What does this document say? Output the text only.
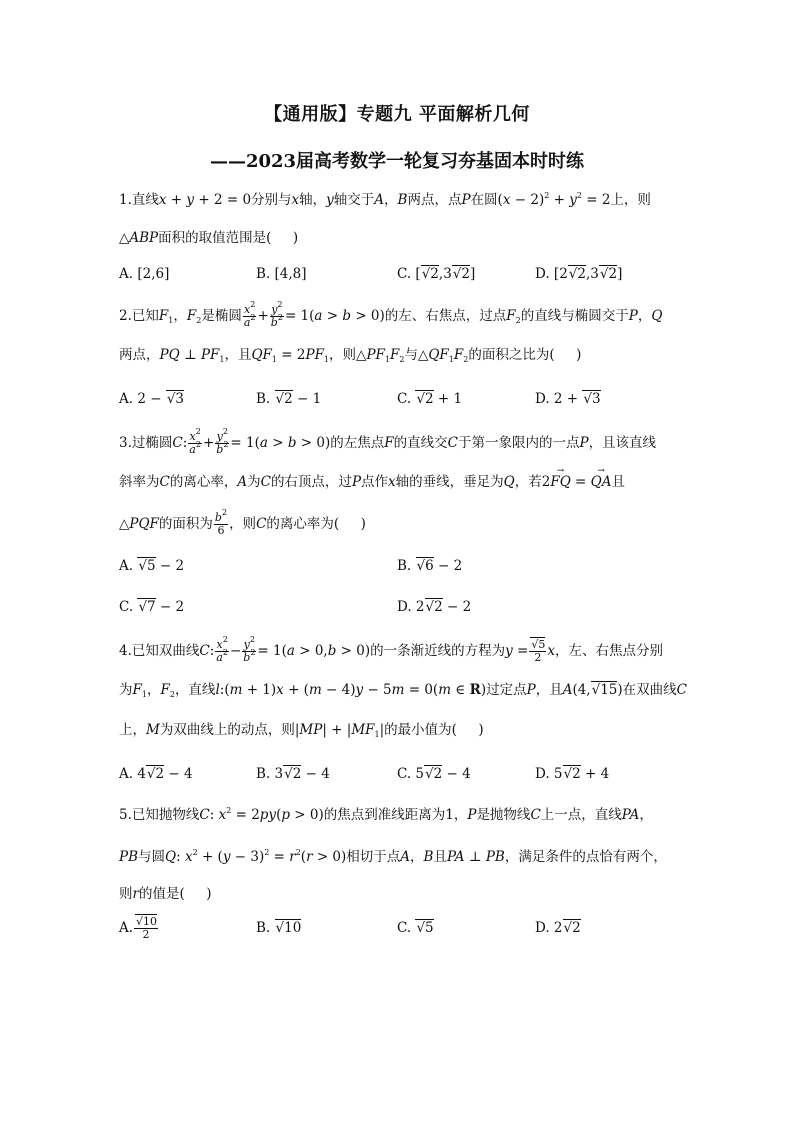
【通用版】专题九 平面解析几何
——2023届高考数学一轮复习夯基固本时时练
1.直线x + y + 2 = 0分别与x轴，y轴交于A，B两点，点P在圆$(x - 2)^2 + y^2 = 2$上，则
△ABP面积的取值范围是(     )
A. [2,6]	B. [4,8]	C. [√2,3√2]	D. [2√2,3√2]
2.已知$F_1$，$F_2$是椭圆 $\frac{x^2}{a^2} + \frac{y^2}{b^2} = 1(a > b > 0)$的左、右焦点，过点$F_2$的直线与椭圆交于P，Q
两点，PQ ⊥ $PF_1$，且$QF_1 = 2PF_1$，则$\triangle PF_1F_2$与$\triangle QF_1F_2$的面积之比为(     )
A. 2 − √3	B. √2 − 1	C. √2 + 1	D. 2 + √3
3.过椭圆C: $\frac{x^2}{a^2} + \frac{y^2}{b^2} = 1(a > b > 0)$的左焦点F的直线交C于第一象限内的一点P，且该直线
斜率为C的离心率，A为C的右顶点，过P点作x轴的垂线，垂足为Q，若2→ FQ = → QA且
△PQF的面积为 $\frac{b^2}{6}$ ，则C的离心率为(     )
A. √5 − 2	B. √6 − 2
C. √7 − 2	D. 2√2 − 2
4.已知双曲线C: $\frac{x^2}{a^2} - \frac{y^2}{b^2} = 1(a > 0,b > 0)$的一条渐近线的方程为$y = \frac{√5}{2}$ x，左、右焦点分别
为$F_1$，$F_2$，直线l:(m + 1)x + (m − 4)y − 5m = 0(m ∈ R)过定点P，且A(4,√15)在双曲线C
上，M为双曲线上的动点，则$|MP| + |MF_1|$的最小值为(     )
A. 4√2 − 4	B. 3√2 − 4	C. 5√2 − 4	D. 5√2 + 4
5.已知抛物线C: $x^2 = 2py(p > 0)$的焦点到准线距离为1，P是抛物线C上一点，直线PA，
PB与圆Q: $x^2 + (y - 3)^2 = r^2(r > 0)$相切于点A，B且PA ⊥ PB，满足条件的点恰有两个，
则r的值是(     )
A. $\frac{√10}{2}$	B. √10	C. √5	D. 2√2
